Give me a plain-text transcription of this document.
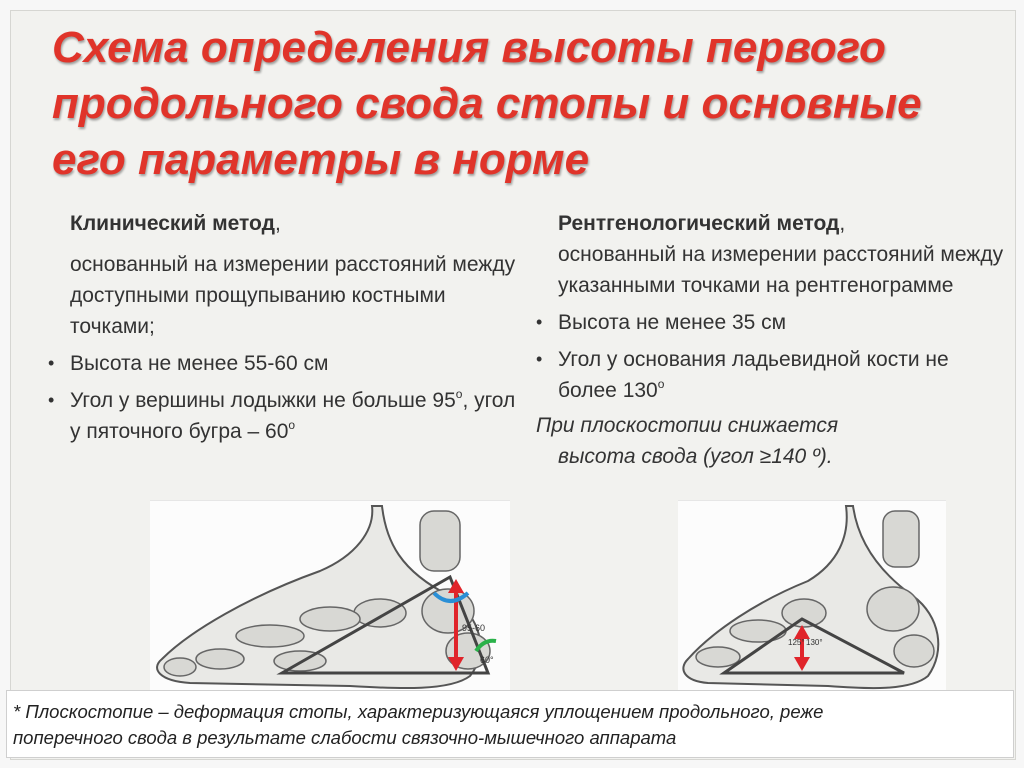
Схема определения высоты первого
продольного свода стопы и основные
его параметры в норме

Клинический метод,

основанный на измерении расстояний между доступными прощупыванию костными точками;

• Высота не менее 55-60 см
• Угол у вершины лодыжки не больше $95^о$, угол у пяточного бугра – $60^о$

Рентгенологический метод,

основанный на измерении расстояний между указанными точками на рентгенограмме

• Высота не менее 35 см
• Угол у основания ладьевидной кости не более $130^о$
При плоскостопии снижается
высота свода (угол ≥140 º).
95-60
60°
125° 130°
* Плоскостопие – деформация стопы, характеризующаяся уплощением продольного, реже
поперечного свода в результате слабости связочно-мышечного аппарата
